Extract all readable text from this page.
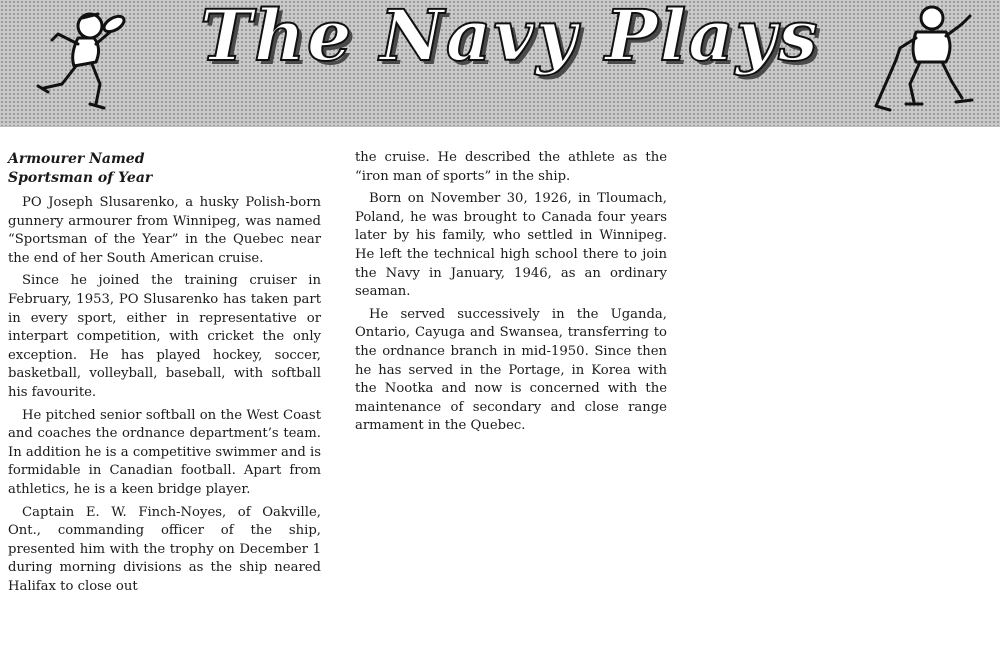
The Navy Plays
Armourer Named
Sportsman of Year

PO Joseph Slusarenko, a husky Polish-born gunnery armourer from Winnipeg, was named “Sportsman of the Year” in the Quebec near the end of her South American cruise.

Since he joined the training cruiser in February, 1953, PO Slusarenko has taken part in every sport, either in representative or interpart competition, with cricket the only exception. He has played hockey, soccer, basketball, volleyball, baseball, with softball his favourite.

He pitched senior softball on the West Coast and coaches the ordnance department’s team. In addition he is a competitive swimmer and is formidable in Canadian football. Apart from athletics, he is a keen bridge player.

Captain E. W. Finch-Noyes, of Oakville, Ont., commanding officer of the ship, presented him with the trophy on December 1 during morning divisions as the ship neared Halifax to close out

the cruise. He described the athlete as the “iron man of sports” in the ship.

Born on November 30, 1926, in Tloumach, Poland, he was brought to Canada four years later by his family, who settled in Winnipeg. He left the technical high school there to join the Navy in January, 1946, as an ordinary seaman.

He served successively in the Uganda, Ontario, Cayuga and Swansea, transferring to the ordnance branch in mid-1950. Since then he has served in the Portage, in Korea with the Nootka and now is concerned with the maintenance of secondary and close range armament in the Quebec.
